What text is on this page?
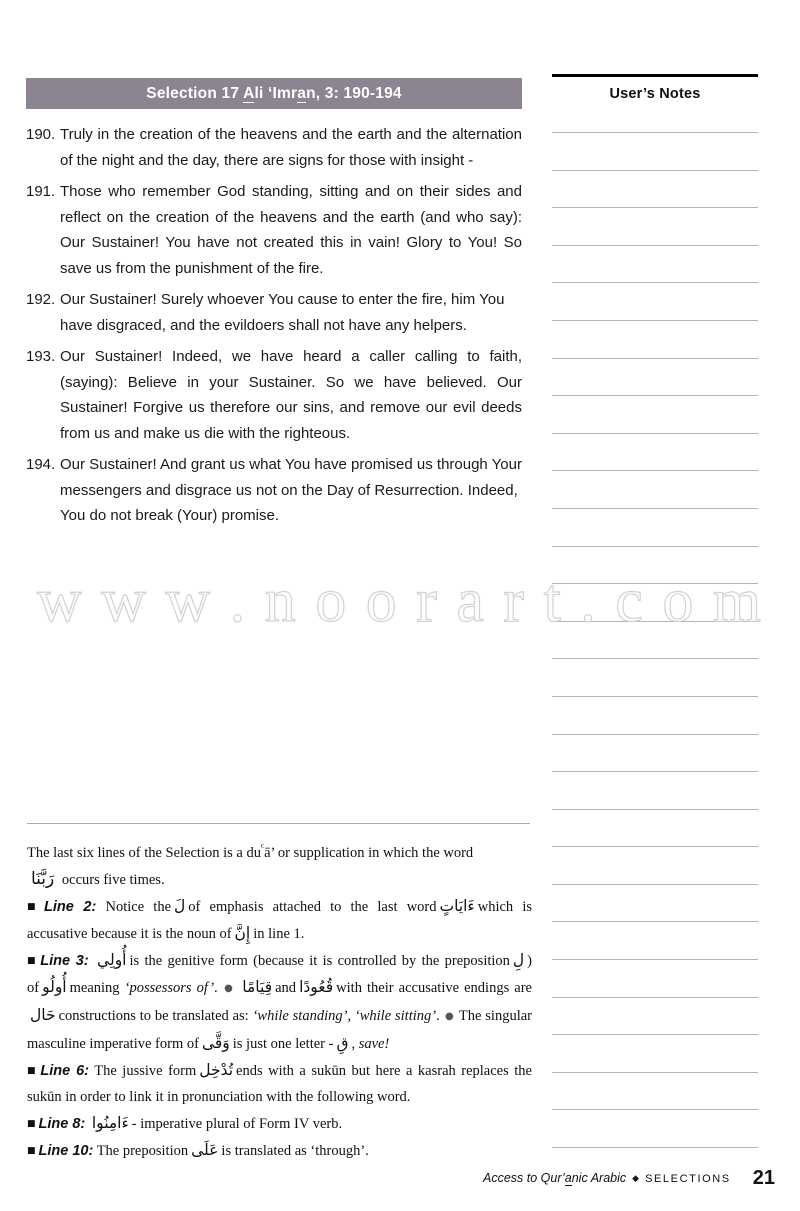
w w w . n o o r a r t . c o m
Selection 17 Ali ‘Imran, 3: 190-194
190. Truly in the creation of the heavens and the earth and the alternation of the night and the day, there are signs for those with insight -
191. Those who remember God standing, sitting and on their sides and reflect on the creation of the heavens and the earth (and who say): Our Sustainer! You have not created this in vain! Glory to You! So save us from the punishment of the fire.
192. Our Sustainer! Surely whoever You cause to enter the fire, him You have disgraced, and the evildoers shall not have any helpers.
193. Our Sustainer! Indeed, we have heard a caller calling to faith, (saying): Believe in your Sustainer. So we have believed. Our Sustainer! Forgive us therefore our sins, and remove our evil deeds from us and make us die with the righteous.
194. Our Sustainer! And grant us what You have promised us through Your messengers and disgrace us not on the Day of Resurrection. Indeed, You do not break (Your) promise.

The last six lines of the Selection is a $du^ᶜā$’ or supplication in which the word
رَبَّنَا occurs five times.

■ Line 2: Notice the لَ of emphasis attached to the last word ءَايَاتٍ which is accusative because it is the noun of إِنَّ in line 1.

■ Line 3: أُولِي is the genitive form (because it is controlled by the preposition لِ ) of أُولُو meaning ‘possessors of’. ● قِيَامًا and قُعُودًا with their accusative endings are حَال constructions to be translated as: ‘while standing’, ‘while sitting’. ● The singular masculine imperative form of وَقَّى is just one letter - قِ , save!

■ Line 6: The jussive form تُدْخِل ends with a sukūn but here a kasrah replaces the sukūn in order to link it in pronunciation with the following word.

■ Line 8: ءَامِنُوا - imperative plural of Form IV verb.

■ Line 10: The preposition عَلَى is translated as ‘through’.

User’s Notes
Access to Qur’anic Arabic ◆ SELECTIONS 21
